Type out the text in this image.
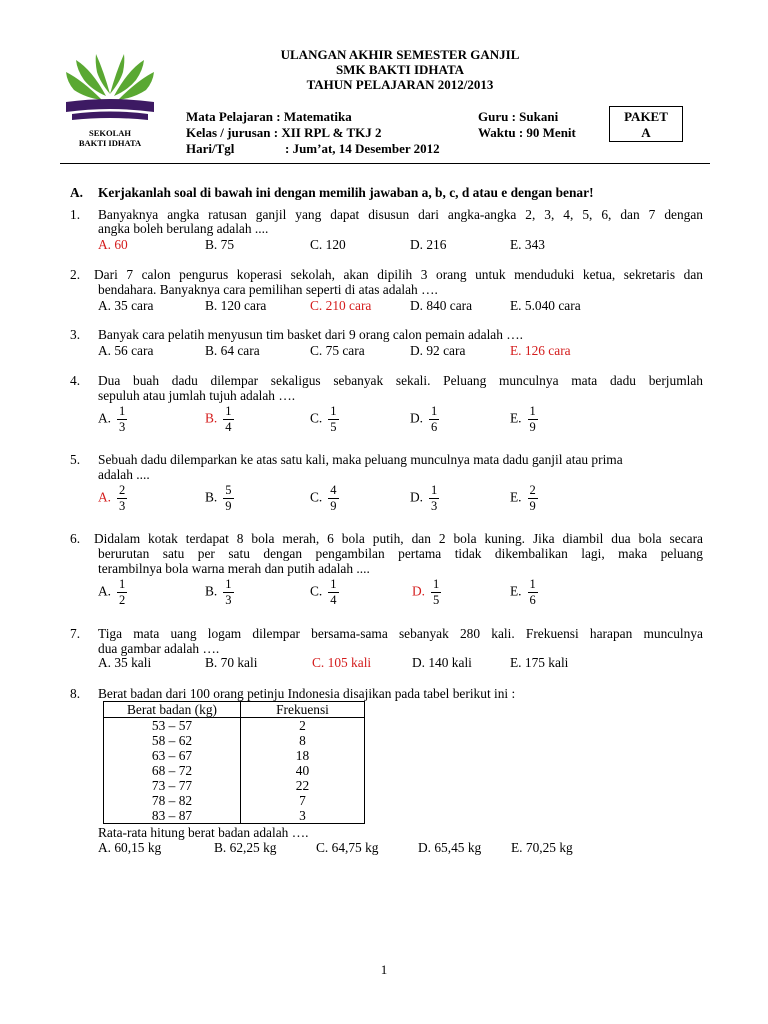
SEKOLAH
BAKTI IDHATA
ULANGAN AKHIR SEMESTER GANJIL
SMK BAKTI IDHATA
TAHUN PELAJARAN 2012/2013
Mata Pelajaran : Matematika
Kelas / jurusan : XII RPL & TKJ 2
Hari/Tgl	: Jum’at, 14 Desember 2012
Guru : Sukani
Waktu : 90 Menit
PAKET
A
A. Kerjakanlah soal di bawah ini dengan memilih jawaban a, b, c, d atau e dengan benar!
1. Banyaknya angka ratusan ganjil yang dapat disusun dari angka-angka 2, 3, 4, 5, 6, dan 7 dengan
angka boleh berulang adalah ....
A. 60	B. 75	C. 120	D. 216	E. 343
2. Dari 7 calon pengurus koperasi sekolah, akan dipilih 3 orang untuk menduduki ketua, sekretaris dan
bendahara. Banyaknya cara pemilihan seperti di atas adalah ….
A. 35 cara	B. 120 cara	C. 210 cara	D. 840 cara	E. 5.040 cara
3. Banyak cara pelatih menyusun tim basket dari 9 orang calon pemain adalah ….
A. 56 cara	B. 64 cara	C. 75 cara	D. 92 cara	E. 126 cara
4. Dua buah dadu dilempar sekaligus sebanyak sekali. Peluang munculnya mata dadu berjumlah
sepuluh atau jumlah tujuh adalah ….
A. $\frac{1}{3}$	B. $\frac{1}{4}$	C. $\frac{1}{5}$	D. $\frac{1}{6}$	E. $\frac{1}{9}$
5. Sebuah dadu dilemparkan ke atas satu kali, maka peluang munculnya mata dadu ganjil atau prima
adalah ....
A. $\frac{2}{3}$	B. $\frac{5}{9}$	C. $\frac{4}{9}$	D. $\frac{1}{3}$	E. $\frac{2}{9}$
6. Didalam kotak terdapat 8 bola merah, 6 bola putih, dan 2 bola kuning. Jika diambil dua bola secara
berurutan satu per satu dengan pengambilan pertama tidak dikembalikan lagi, maka peluang
terambilnya bola warna merah dan putih adalah ....
A. $\frac{1}{2}$	B. $\frac{1}{3}$	C. $\frac{1}{4}$	D. $\frac{1}{5}$	E. $\frac{1}{6}$
7. Tiga mata uang logam dilempar bersama-sama sebanyak 280 kali. Frekuensi harapan munculnya
dua gambar adalah ….
A. 35 kali	B. 70 kali	C. 105 kali	D. 140 kali	E. 175 kali
8. Berat badan dari 100 orang petinju Indonesia disajikan pada tabel berikut ini :
Berat badan (kg)	Frekuensi
53 – 57	2
58 – 62	8
63 – 67	18
68 – 72	40
73 – 77	22
78 – 82	7
83 – 87	3
Rata-rata hitung berat badan adalah ….
A. 60,15 kg	B. 62,25 kg	C. 64,75 kg	D. 65,45 kg E. 70,25 kg
1
